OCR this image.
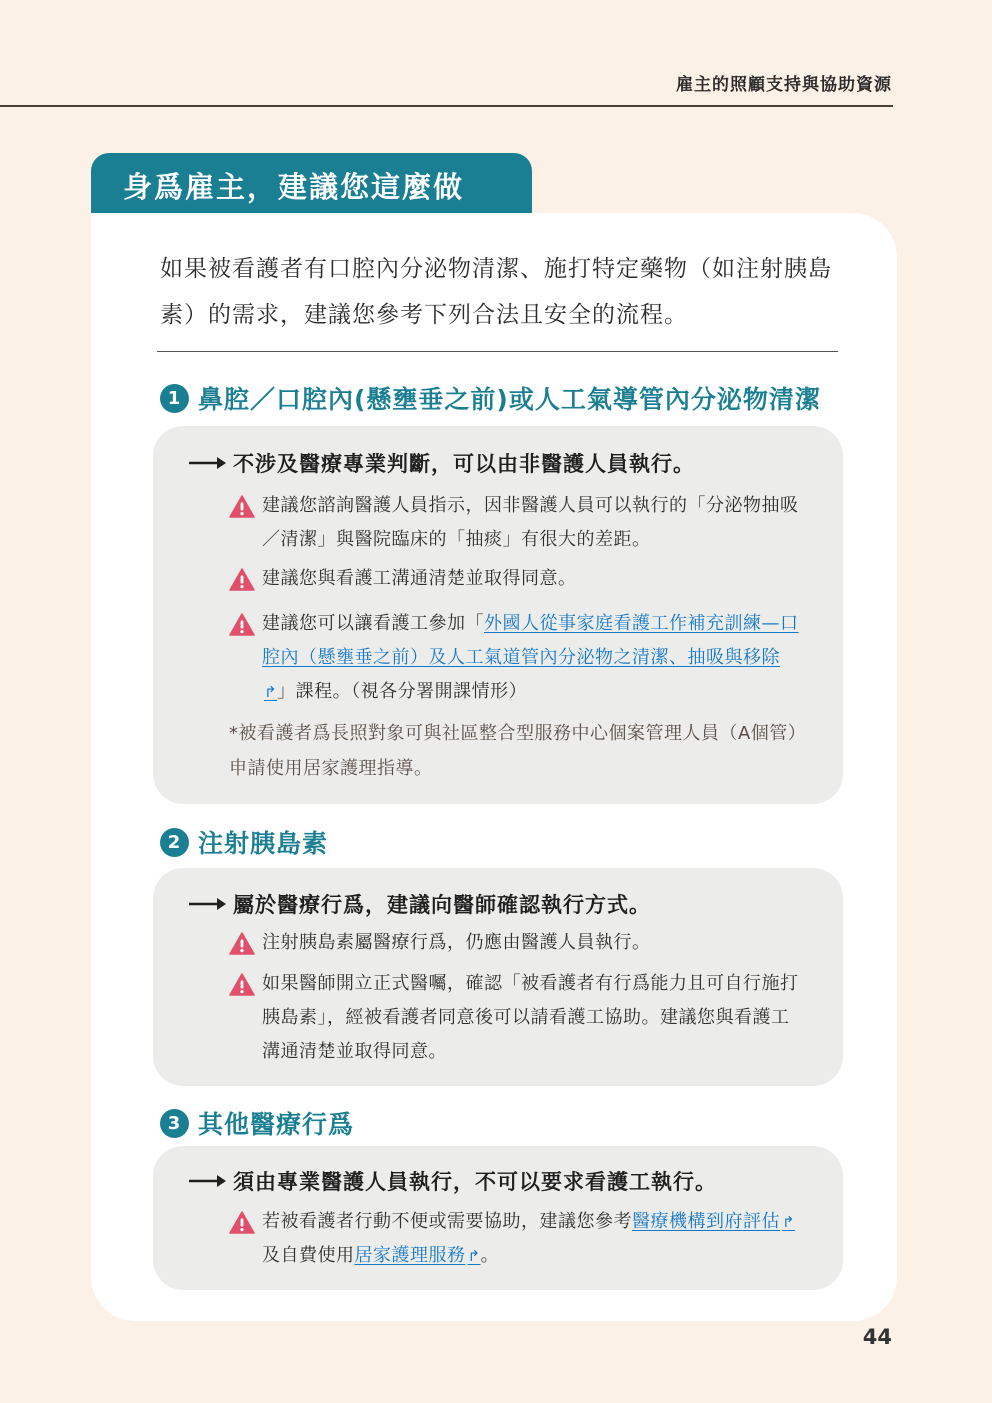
雇主的照顧支持與協助資源
身爲雇主，建議您這麼做
如果被看護者有口腔內分泌物清潔、施打特定藥物（如注射胰島素）的需求，建議您參考下列合法且安全的流程。
1 鼻腔／口腔內(懸壅垂之前)或人工氣導管內分泌物清潔
不涉及醫療專業判斷，可以由非醫護人員執行。
建議您諮詢醫護人員指示，因非醫護人員可以執行的「分泌物抽吸／清潔」與醫院臨床的「抽痰」有很大的差距。
建議您與看護工溝通清楚並取得同意。
建議您可以讓看護工參加「外國人從事家庭看護工作補充訓練—口腔內（懸壅垂之前）及人工氣道管內分泌物之清潔、抽吸與移除↱」課程。（視各分署開課情形）
*被看護者爲長照對象可與社區整合型服務中心個案管理人員（A個管）申請使用居家護理指導。
2 注射胰島素
屬於醫療行爲，建議向醫師確認執行方式。
注射胰島素屬醫療行爲，仍應由醫護人員執行。
如果醫師開立正式醫囑，確認「被看護者有行爲能力且可自行施打胰島素」，經被看護者同意後可以請看護工協助。建議您與看護工溝通清楚並取得同意。
3 其他醫療行爲
須由專業醫護人員執行，不可以要求看護工執行。
若被看護者行動不便或需要協助，建議您參考醫療機構到府評估 ↱及自費使用居家護理服務 ↱。
44
